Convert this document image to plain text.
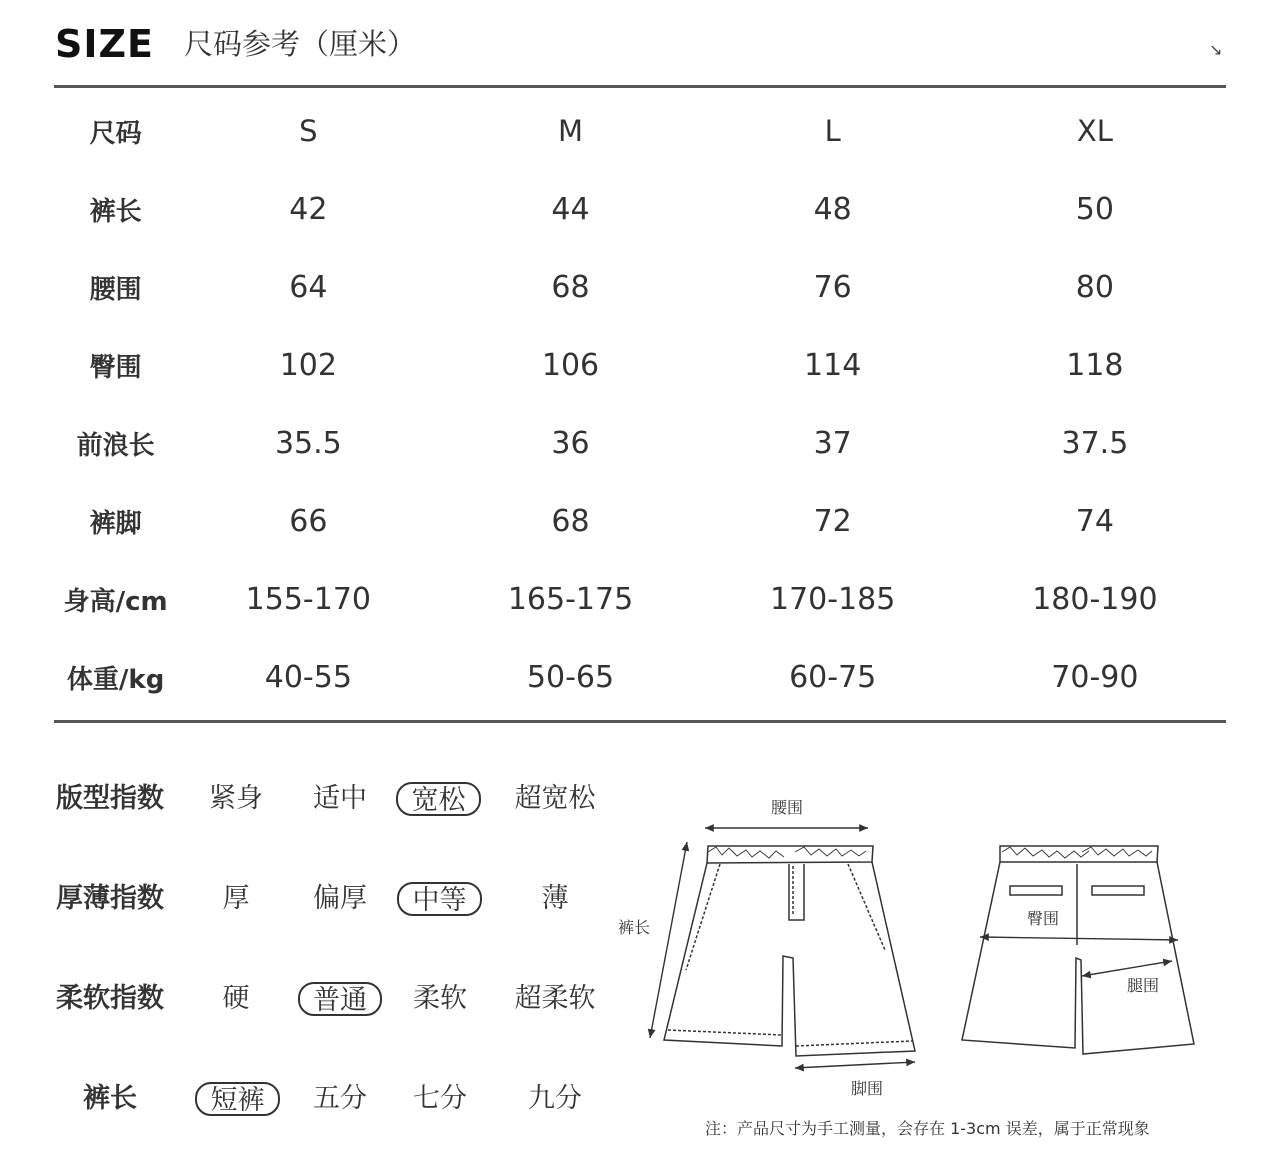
SIZE 尺码参考（厘米）	↘
尺码	S	M	L	XL
裤长	42	44	48	50
腰围	64	68	76	80
臀围	102	106	114	118
前浪长	35.5	36	37	37.5
裤脚	66	68	72	74
身高/cm	155-170	165-175	170-185	180-190
体重/kg	40-55	50-65	60-75	70-90
版型指数	紧身	适中	宽松	超宽松
厚薄指数	厚	偏厚	中等	薄
柔软指数	硬	普通	柔软	超柔软
裤长	短裤	五分	七分	九分
腰围
裤长
脚围
臀围
腿围
注：产品尺寸为手工测量，会存在 1-3cm 误差，属于正常现象
